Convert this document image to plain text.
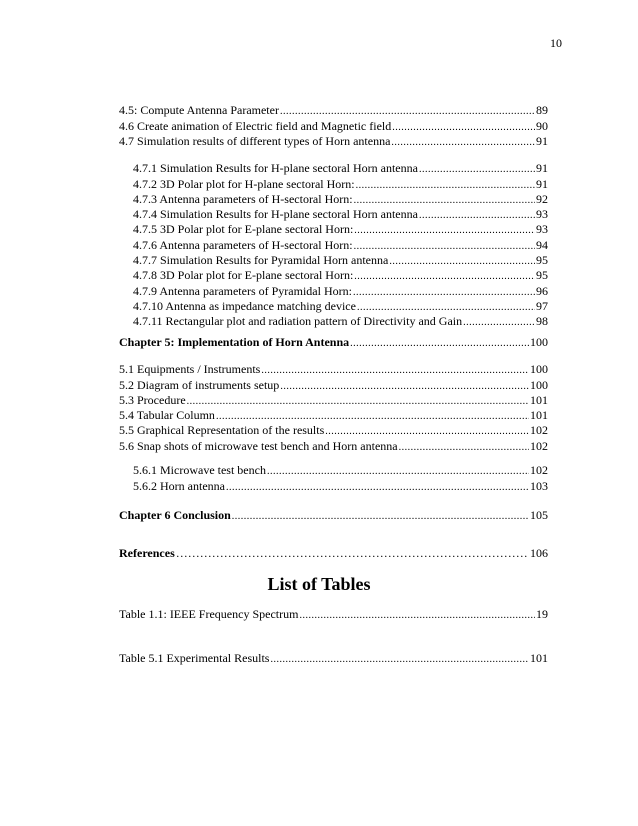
10
4.5: Compute Antenna Parameter .....	89
4.6 Create animation of Electric field and Magnetic field .....	90
4.7 Simulation results of different types of Horn antenna .....	91
4.7.1 Simulation Results for H-plane sectoral Horn antenna .....	91
4.7.2 3D Polar plot for H-plane sectoral Horn: .....	91
4.7.3 Antenna parameters of H-sectoral Horn: .....	92
4.7.4 Simulation Results for H-plane sectoral Horn antenna .....	93
4.7.5 3D Polar plot for E-plane sectoral Horn: .....	93
4.7.6 Antenna parameters of H-sectoral Horn: .....	94
4.7.7 Simulation Results for Pyramidal Horn antenna .....	95
4.7.8 3D Polar plot for E-plane sectoral Horn: .....	95
4.7.9 Antenna parameters of Pyramidal Horn: .....	96
4.7.10 Antenna as impedance matching device .....	97
4.7.11 Rectangular plot and radiation pattern of Directivity and Gain .....	98
Chapter 5: Implementation of Horn Antenna .....	100
5.1 Equipments / Instruments .....	100
5.2 Diagram of instruments setup .....	100
5.3 Procedure .....	101
5.4 Tabular Column .....	101
5.5 Graphical Representation of the results .....	102
5.6 Snap shots of microwave test bench and Horn antenna .....	102
5.6.1 Microwave test bench .....	102
5.6.2 Horn antenna .....	103
Chapter 6 Conclusion .....	105
References ……………………………………………………………………………………………………	106
List of Tables
Table 1.1: IEEE Frequency Spectrum .....	19
Table 5.1 Experimental Results .....	101
